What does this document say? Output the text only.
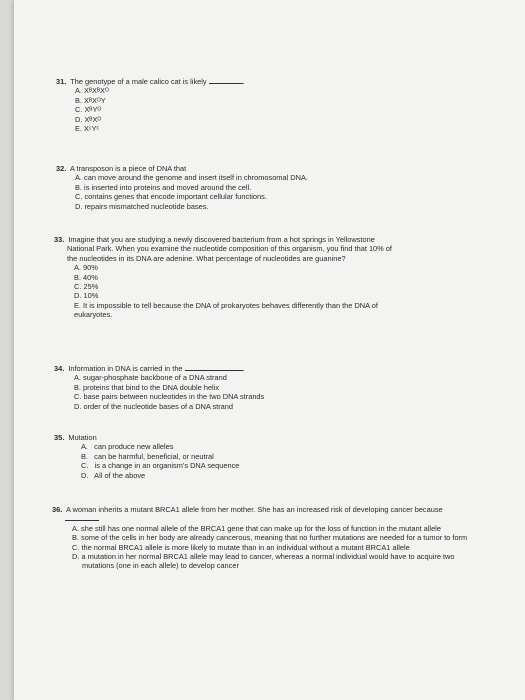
31. The genotype of a male calico cat is likely	.

A. XᴮXᴮXᴼ
B. XᴮXᴼY
C. XᴮYᴼ
D. XᴮXᴼ
E. XᶜYᶜ

32. A transposon is a piece of DNA that

A. can move around the genome and insert itself in chromosomal DNA.
B. is inserted into proteins and moved around the cell.
C. contains genes that encode important cellular functions.
D. repairs mismatched nucleotide bases.

33. Imagine that you are studying a newly discovered bacterium from a hot springs in Yellowstone National Park. When you examine the nucleotide composition of this organism, you find that 10% of the nucleotides in its DNA are adenine. What percentage of nucleotides are guanine?

A. 90%
B. 40%
C. 25%
D. 10%
E. It is impossible to tell because the DNA of prokaryotes behaves differently than the DNA of eukaryotes.

34. Information in DNA is carried in the	.

A. sugar-phosphate backbone of a DNA strand
B. proteins that bind to the DNA double helix
C. base pairs between nucleotides in the two DNA strands
D. order of the nucleotide bases of a DNA strand

35. Mutation

A. can produce new alleles
B. can be harmful, beneficial, or neutral
C. is a change in an organism's DNA sequence
D. All of the above

36. A woman inherits a mutant BRCA1 allele from her mother. She has an increased risk of developing cancer because

A. she still has one normal allele of the BRCA1 gene that can make up for the loss of function in the mutant allele
B. some of the cells in her body are already cancerous, meaning that no further mutations are needed for a tumor to form
C. the normal BRCA1 allele is more likely to mutate than in an individual without a mutant BRCA1 allele
D. a mutation in her normal BRCA1 allele may lead to cancer, whereas a normal individual would have to acquire two mutations (one in each allele) to develop cancer
